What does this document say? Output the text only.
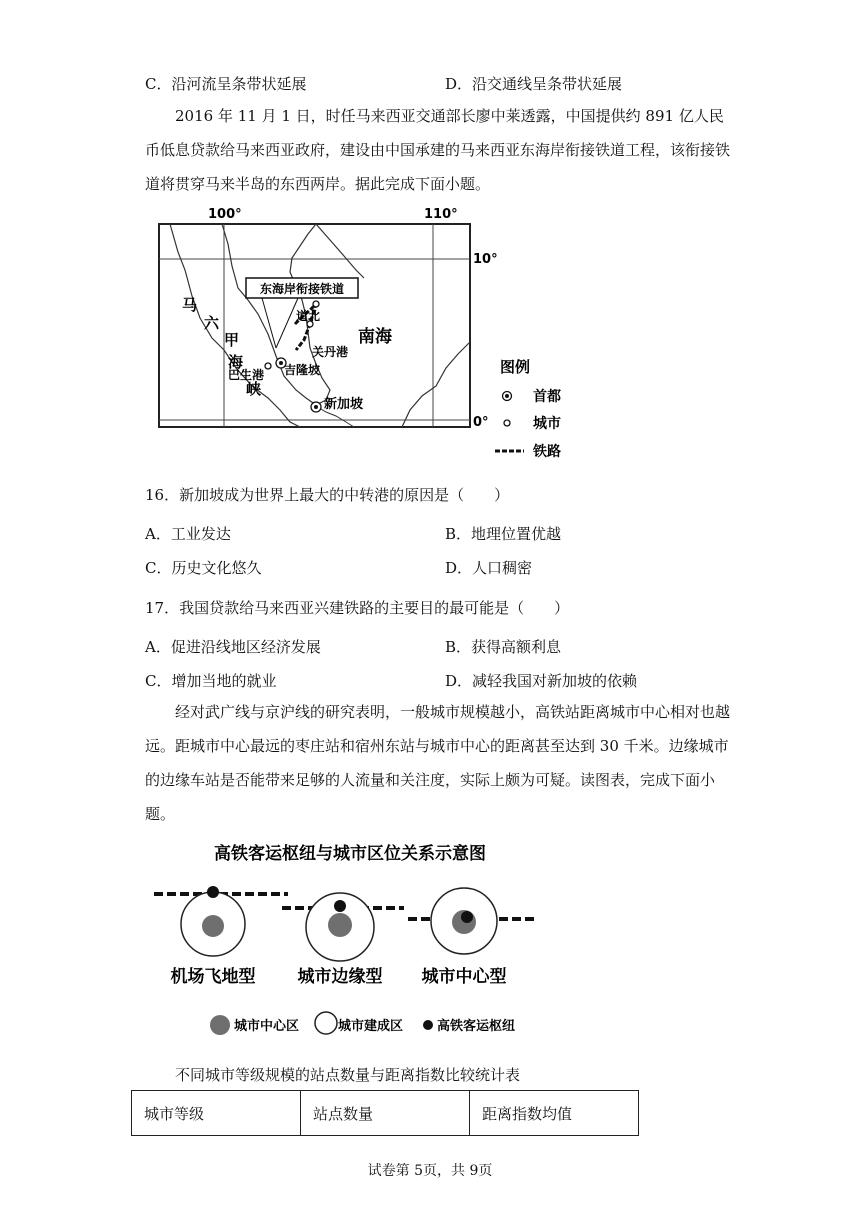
C．沿河流呈条带状延展	D．沿交通线呈条带状延展

2016 年 11 月 1 日，时任马来西亚交通部长廖中莱透露，中国提供约 891 亿人民币低息贷款给马来西亚政府，建设由中国承建的马来西亚东海岸衔接铁道工程，该衔接铁道将贯穿马来半岛的东西两岸。据此完成下面小题。

东海岸衔接铁道
道北
关丹港
巴生港 吉隆坡
新加坡
马
六
甲
海
峡
南海
100°	110°
10°
0°
图例
首都
城市
铁路
16．新加坡成为世界上最大的中转港的原因是（　　）
A．工业发达	B．地理位置优越
C．历史文化悠久	D．人口稠密
17．我国贷款给马来西亚兴建铁路的主要目的最可能是（　　）
A．促进沿线地区经济发展	B．获得高额利息
C．增加当地的就业	D．减轻我国对新加坡的依赖

经对武广线与京沪线的研究表明，一般城市规模越小，高铁站距离城市中心相对也越远。距城市中心最远的枣庄站和宿州东站与城市中心的距离甚至达到 30 千米。边缘城市的边缘车站是否能带来足够的人流量和关注度，实际上颇为可疑。读图表，完成下面小题。

高铁客运枢纽与城市区位关系示意图
机场飞地型 城市边缘型 城市中心型
城市中心区	城市建成区	高铁客运枢纽
不同城市等级规模的站点数量与距离指数比较统计表
城市等级	站点数量	距离指数均值
试卷第 5页，共 9页
